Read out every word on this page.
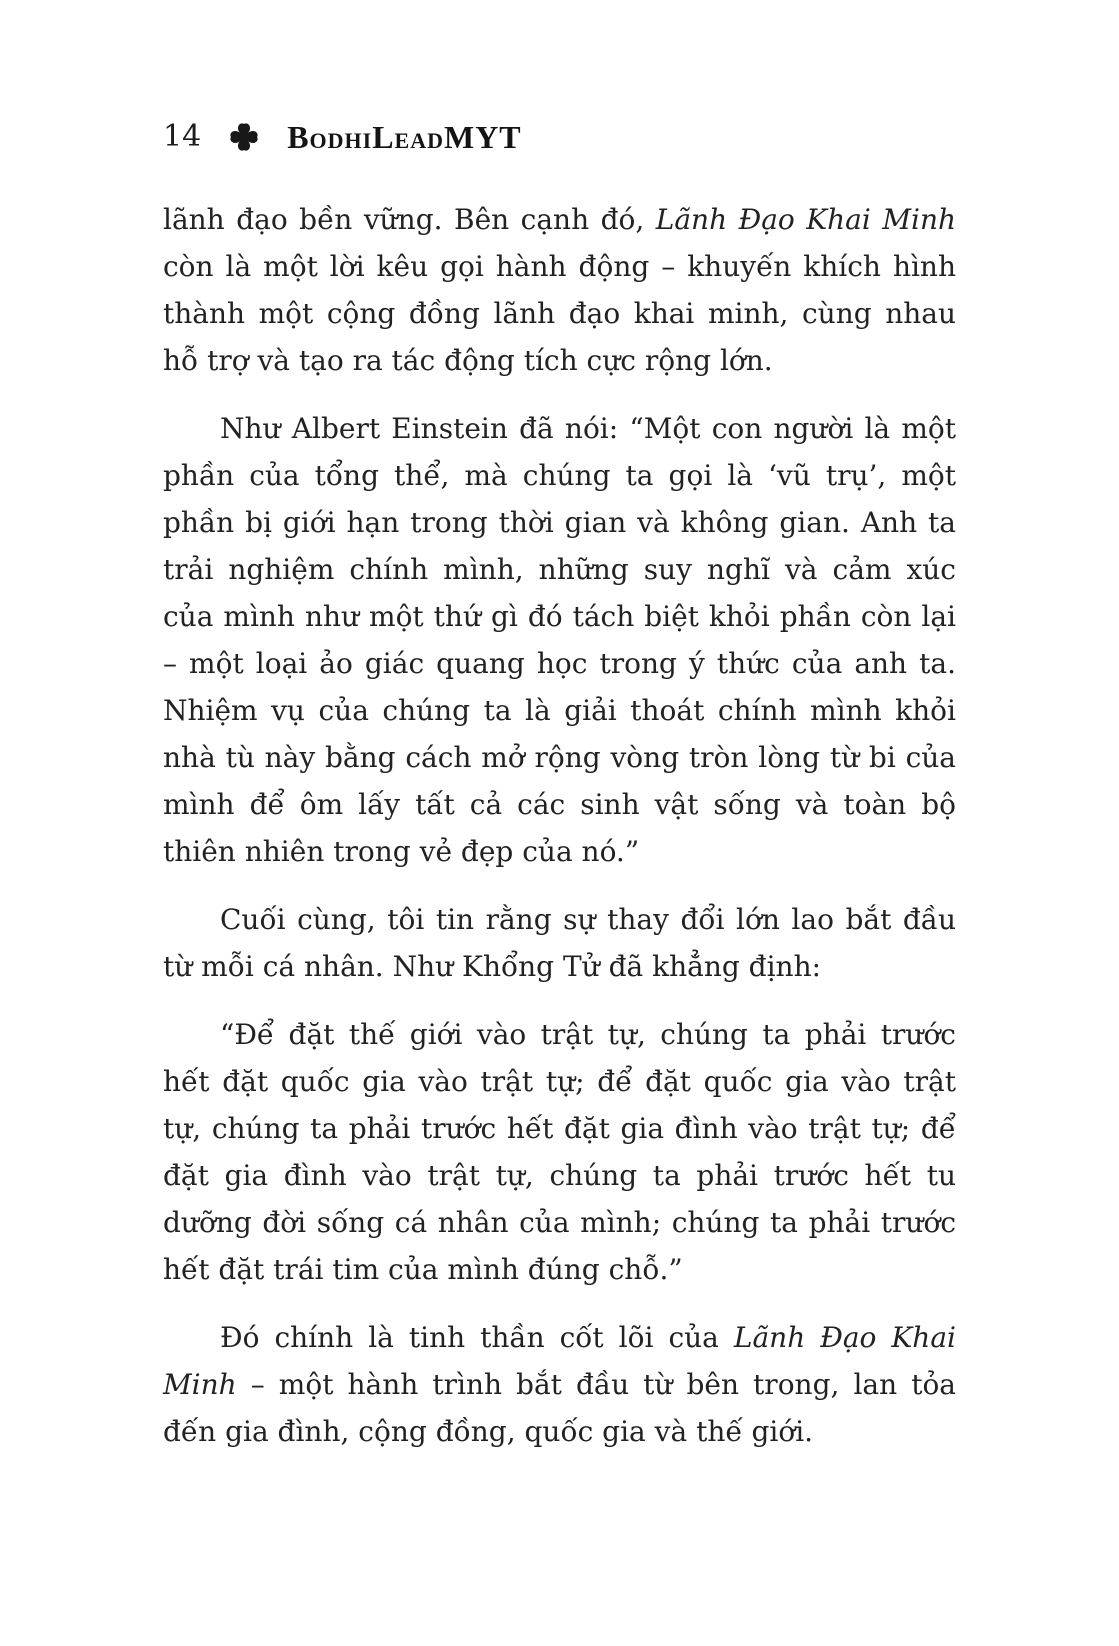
14	BodhiLeadMYT

lãnh đạo bền vững. Bên cạnh đó, Lãnh Đạo Khai Minh còn là một lời kêu gọi hành động – khuyến khích hình thành một cộng đồng lãnh đạo khai minh, cùng nhau hỗ trợ và tạo ra tác động tích cực rộng lớn.

Như Albert Einstein đã nói: “Một con người là một phần của tổng thể, mà chúng ta gọi là ‘vũ trụ’, một phần bị giới hạn trong thời gian và không gian. Anh ta trải nghiệm chính mình, những suy nghĩ và cảm xúc của mình như một thứ gì đó tách biệt khỏi phần còn lại – một loại ảo giác quang học trong ý thức của anh ta. Nhiệm vụ của chúng ta là giải thoát chính mình khỏi nhà tù này bằng cách mở rộng vòng tròn lòng từ bi của mình để ôm lấy tất cả các sinh vật sống và toàn bộ thiên nhiên trong vẻ đẹp của nó.”

Cuối cùng, tôi tin rằng sự thay đổi lớn lao bắt đầu từ mỗi cá nhân. Như Khổng Tử đã khẳng định:

“Để đặt thế giới vào trật tự, chúng ta phải trước hết đặt quốc gia vào trật tự; để đặt quốc gia vào trật tự, chúng ta phải trước hết đặt gia đình vào trật tự; để đặt gia đình vào trật tự, chúng ta phải trước hết tu dưỡng đời sống cá nhân của mình; chúng ta phải trước hết đặt trái tim của mình đúng chỗ.”

Đó chính là tinh thần cốt lõi của Lãnh Đạo Khai Minh – một hành trình bắt đầu từ bên trong, lan tỏa đến gia đình, cộng đồng, quốc gia và thế giới.
